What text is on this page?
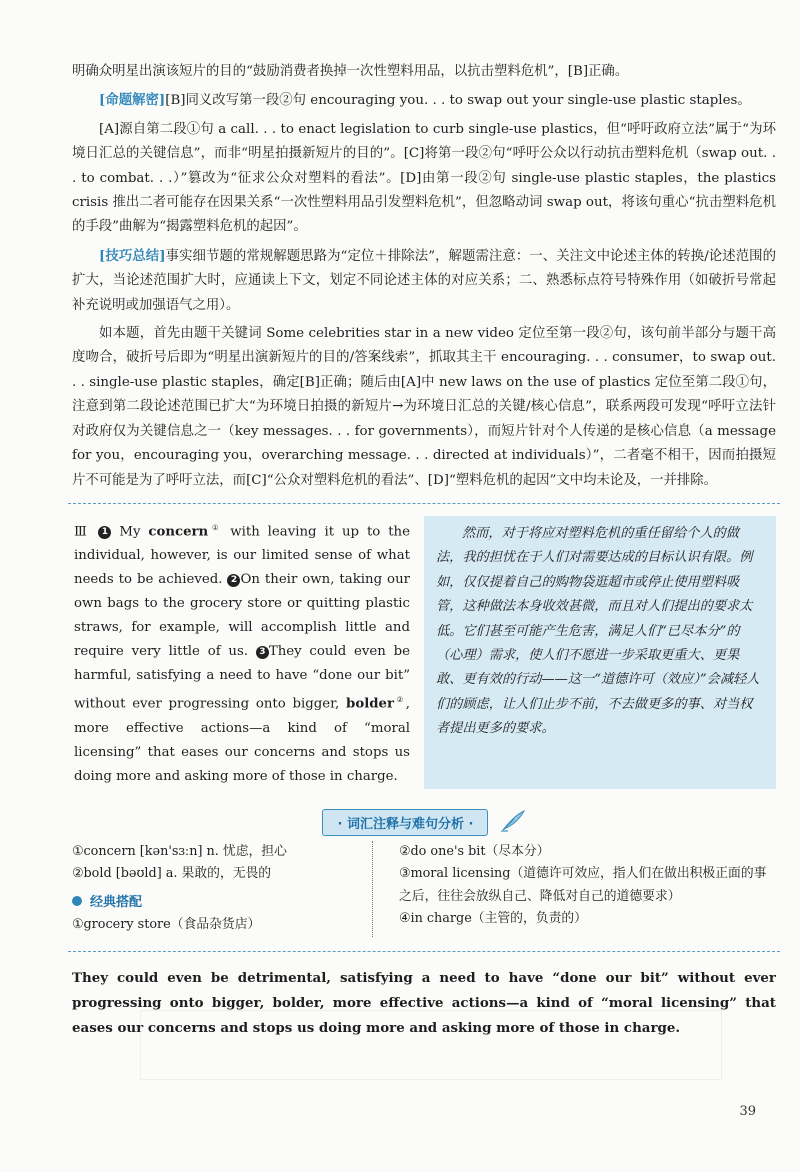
明确众明星出演该短片的目的“鼓励消费者换掉一次性塑料用品，以抗击塑料危机”，[B]正确。

[命题解密][B]同义改写第一段②句 encouraging you. . . to swap out your single-use plastic staples。

[A]源自第二段①句 a call. . . to enact legislation to curb single-use plastics，但“呼吁政府立法”属于“为环境日汇总的关键信息”，而非“明星拍摄新短片的目的”。[C]将第一段②句“呼吁公众以行动抗击塑料危机（swap out. . . to combat. . .）”篡改为“征求公众对塑料的看法”。[D]由第一段②句 single-use plastic staples，the plastics crisis 推出二者可能存在因果关系“一次性塑料用品引发塑料危机”，但忽略动词 swap out，将该句重心“抗击塑料危机的手段”曲解为“揭露塑料危机的起因”。

[技巧总结]事实细节题的常规解题思路为“定位＋排除法”，解题需注意：一、关注文中论述主体的转换/论述范围的扩大，当论述范围扩大时，应通读上下文，划定不同论述主体的对应关系；二、熟悉标点符号特殊作用（如破折号常起补充说明或加强语气之用）。

如本题，首先由题干关键词 Some celebrities star in a new video 定位至第一段②句，该句前半部分与题干高度吻合，破折号后即为“明星出演新短片的目的/答案线索”，抓取其主干 encouraging. . . consumer，to swap out. . . single-use plastic staples，确定[B]正确；随后由[A]中 new laws on the use of plastics 定位至第二段①句，注意到第二段论述范围已扩大“为环境日拍摄的新短片→为环境日汇总的关键/核心信息”，联系两段可发现“呼吁立法针对政府仅为关键信息之一（key messages. . . for governments），而短片针对个人传递的是核心信息（a message for you，encouraging you，overarching message. . . directed at individuals）”，二者毫不相干，因而拍摄短片不可能是为了呼吁立法，而[C]“公众对塑料危机的看法”、[D]“塑料危机的起因”文中均未论及，一并排除。

Ⅲ 1 My concern① with leaving it up to the individual, however, is our limited sense of what needs to be achieved. 2 On their own, taking our own bags to the grocery store or quitting plastic straws, for example, will accomplish little and require very little of us. 3 They could even be harmful, satisfying a need to have “done our bit” without ever progressing onto bigger, bolder②, more effective actions—a kind of “moral licensing” that eases our concerns and stops us doing more and asking more of those in charge.

然而，对于将应对塑料危机的重任留给个人的做法，我的担忧在于人们对需要达成的目标认识有限。例如，仅仅提着自己的购物袋逛超市或停止使用塑料吸管，这种做法本身收效甚微，而且对人们提出的要求太低。它们甚至可能产生危害，满足人们“已尽本分”的（心理）需求，使人们不愿进一步采取更重大、更果敢、更有效的行动——这一“道德许可（效应）”会减轻人们的顾虑，让人们止步不前，不去做更多的事、对当权者提出更多的要求。

· 词汇注释与难句分析 ·

①concern [kən'sɜːn] n. 忧虑，担心

②bold [bəʊld] a. 果敢的，无畏的

经典搭配

①grocery store（食品杂货店）

②do one's bit（尽本分）

③moral licensing（道德许可效应，指人们在做出积极正面的事之后，往往会放纵自己、降低对自己的道德要求）

④in charge（主管的，负责的）

They could even be detrimental, satisfying a need to have “done our bit” without ever progressing onto bigger, bolder, more effective actions—a kind of “moral licensing” that eases our concerns and stops us doing more and asking more of those in charge.

39
